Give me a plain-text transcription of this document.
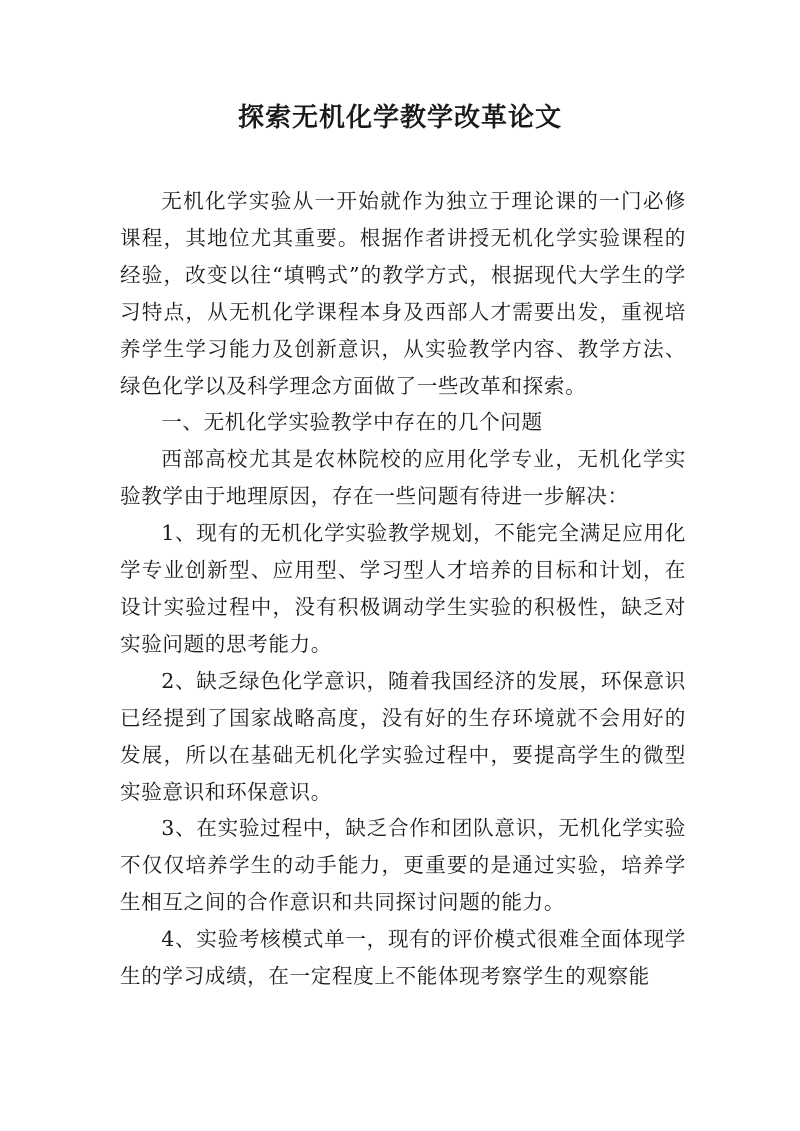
探索无机化学教学改革论文

无机化学实验从一开始就作为独立于理论课的一门必修课程，其地位尤其重要。根据作者讲授无机化学实验课程的经验，改变以往“填鸭式”的教学方式，根据现代大学生的学习特点，从无机化学课程本身及西部人才需要出发，重视培养学生学习能力及创新意识，从实验教学内容、教学方法、绿色化学以及科学理念方面做了一些改革和探索。

一、无机化学实验教学中存在的几个问题

西部高校尤其是农林院校的应用化学专业，无机化学实验教学由于地理原因，存在一些问题有待进一步解决：

1、现有的无机化学实验教学规划，不能完全满足应用化学专业创新型、应用型、学习型人才培养的目标和计划，在设计实验过程中，没有积极调动学生实验的积极性，缺乏对实验问题的思考能力。

2、缺乏绿色化学意识，随着我国经济的发展，环保意识已经提到了国家战略高度，没有好的生存环境就不会用好的发展，所以在基础无机化学实验过程中，要提高学生的微型实验意识和环保意识。

3、在实验过程中，缺乏合作和团队意识，无机化学实验不仅仅培养学生的动手能力，更重要的是通过实验，培养学生相互之间的合作意识和共同探讨问题的能力。

4、实验考核模式单一，现有的评价模式很难全面体现学生的学习成绩，在一定程度上不能体现考察学生的观察能
